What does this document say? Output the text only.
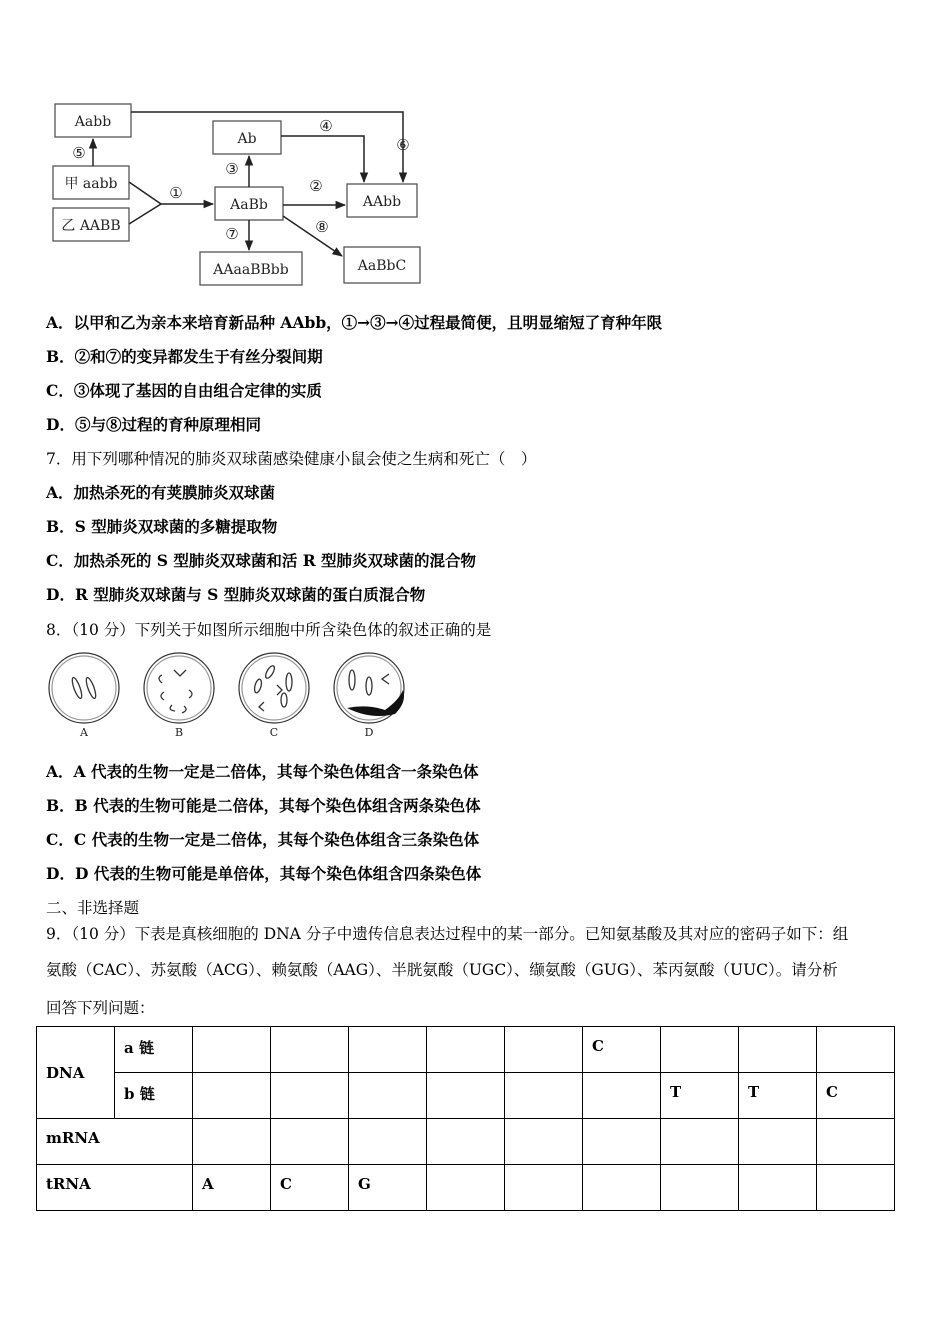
Aabb
甲 aabb
乙 AABB
Ab
AaBb	AAbb
AAaaBBbb	AaBbC
⑤	⑥
④
①
③
②
⑦	⑧
A．以甲和乙为亲本来培育新品种 AAbb，①→③→④过程最简便，且明显缩短了育种年限
B．②和⑦的变异都发生于有丝分裂间期
C．③体现了基因的自由组合定律的实质
D．⑤与⑧过程的育种原理相同
7．用下列哪种情况的肺炎双球菌感染健康小鼠会使之生病和死亡（　）
A．加热杀死的有荚膜肺炎双球菌
B．S 型肺炎双球菌的多糖提取物
C．加热杀死的 S 型肺炎双球菌和活 R 型肺炎双球菌的混合物
D．R 型肺炎双球菌与 S 型肺炎双球菌的蛋白质混合物
8．（10 分）下列关于如图所示细胞中所含染色体的叙述正确的是
A	B	C	D
A．A 代表的生物一定是二倍体，其每个染色体组含一条染色体
B．B 代表的生物可能是二倍体，其每个染色体组含两条染色体
C．C 代表的生物一定是二倍体，其每个染色体组含三条染色体
D．D 代表的生物可能是单倍体，其每个染色体组含四条染色体
二、非选择题
9．（10 分）下表是真核细胞的 DNA 分子中遗传信息表达过程中的某一部分。已知氨基酸及其对应的密码子如下：组
氨酸（CAC）、苏氨酸（ACG）、赖氨酸（AAG）、半胱氨酸（UGC）、缬氨酸（GUG）、苯丙氨酸（UUC）。请分析
回答下列问题：
DNA	a 链						C			
	b 链							T	T	C
mRNA										
tRNA		A	C	G						
